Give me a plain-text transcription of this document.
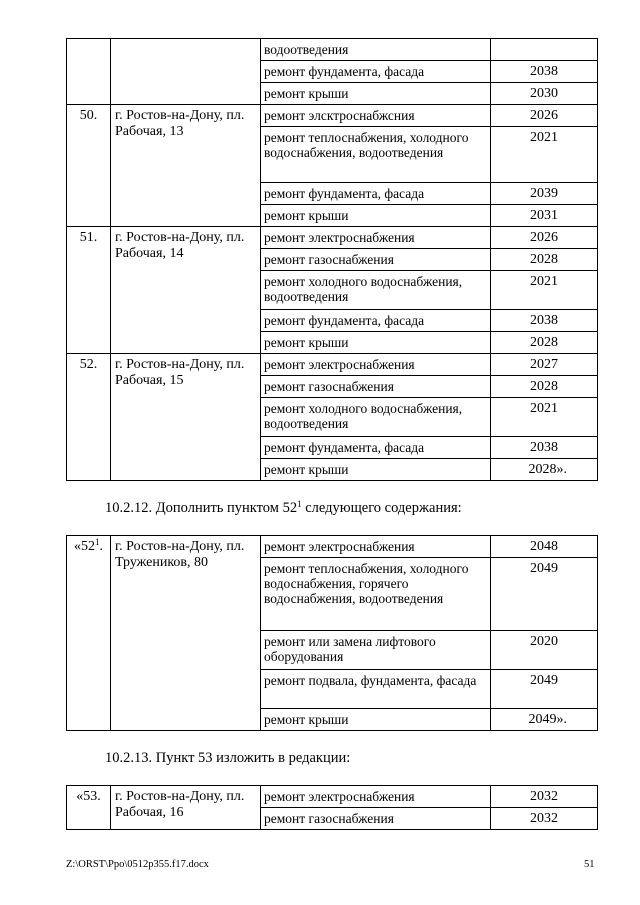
		водоотведения	
		ремонт фундамента, фасада	2038
		ремонт крыши	2030
50.	г. Ростов-на-Дону, пл. Рабочая, 13	ремонт элсктроснабжсния	2026
		ремонт теплоснабжения, холодного водоснабжения, водоотведения	2021
		ремонт фундамента, фасада	2039
		ремонт крыши	2031
51.	г. Ростов-на-Дону, пл. Рабочая, 14	ремонт электроснабжения	2026
		ремонт газоснабжения	2028
		ремонт холодного водоснабжения, водоотведения	2021
		ремонт фундамента, фасада	2038
		ремонт крыши	2028
52.	г. Ростов-на-Дону, пл. Рабочая, 15	ремонт электроснабжения	2027
		ремонт газоснабжения	2028
		ремонт холодного водоснабжения, водоотведения	2021
		ремонт фундамента, фасада	2038
		ремонт крыши	2028».

10.2.12. Дополнить пунктом $52^1$ следующего содержания:

«$52^1$.	г. Ростов-на-Дону, пл. Тружеников, 80	ремонт электроснабжения	2048
		ремонт теплоснабжения, холодного водоснабжения, горячего водоснабжения, водоотведения	2049
		ремонт или замена лифтового оборудования	2020
		ремонт подвала, фундамента, фасада	2049
		ремонт крыши	2049».

10.2.13. Пункт 53 изложить в редакции:

«53.	г. Ростов-на-Дону, пл. Рабочая, 16	ремонт электроснабжения	2032
		ремонт газоснабжения	2032
Z:\ORST\Ppo\0512p355.f17.docx	51
